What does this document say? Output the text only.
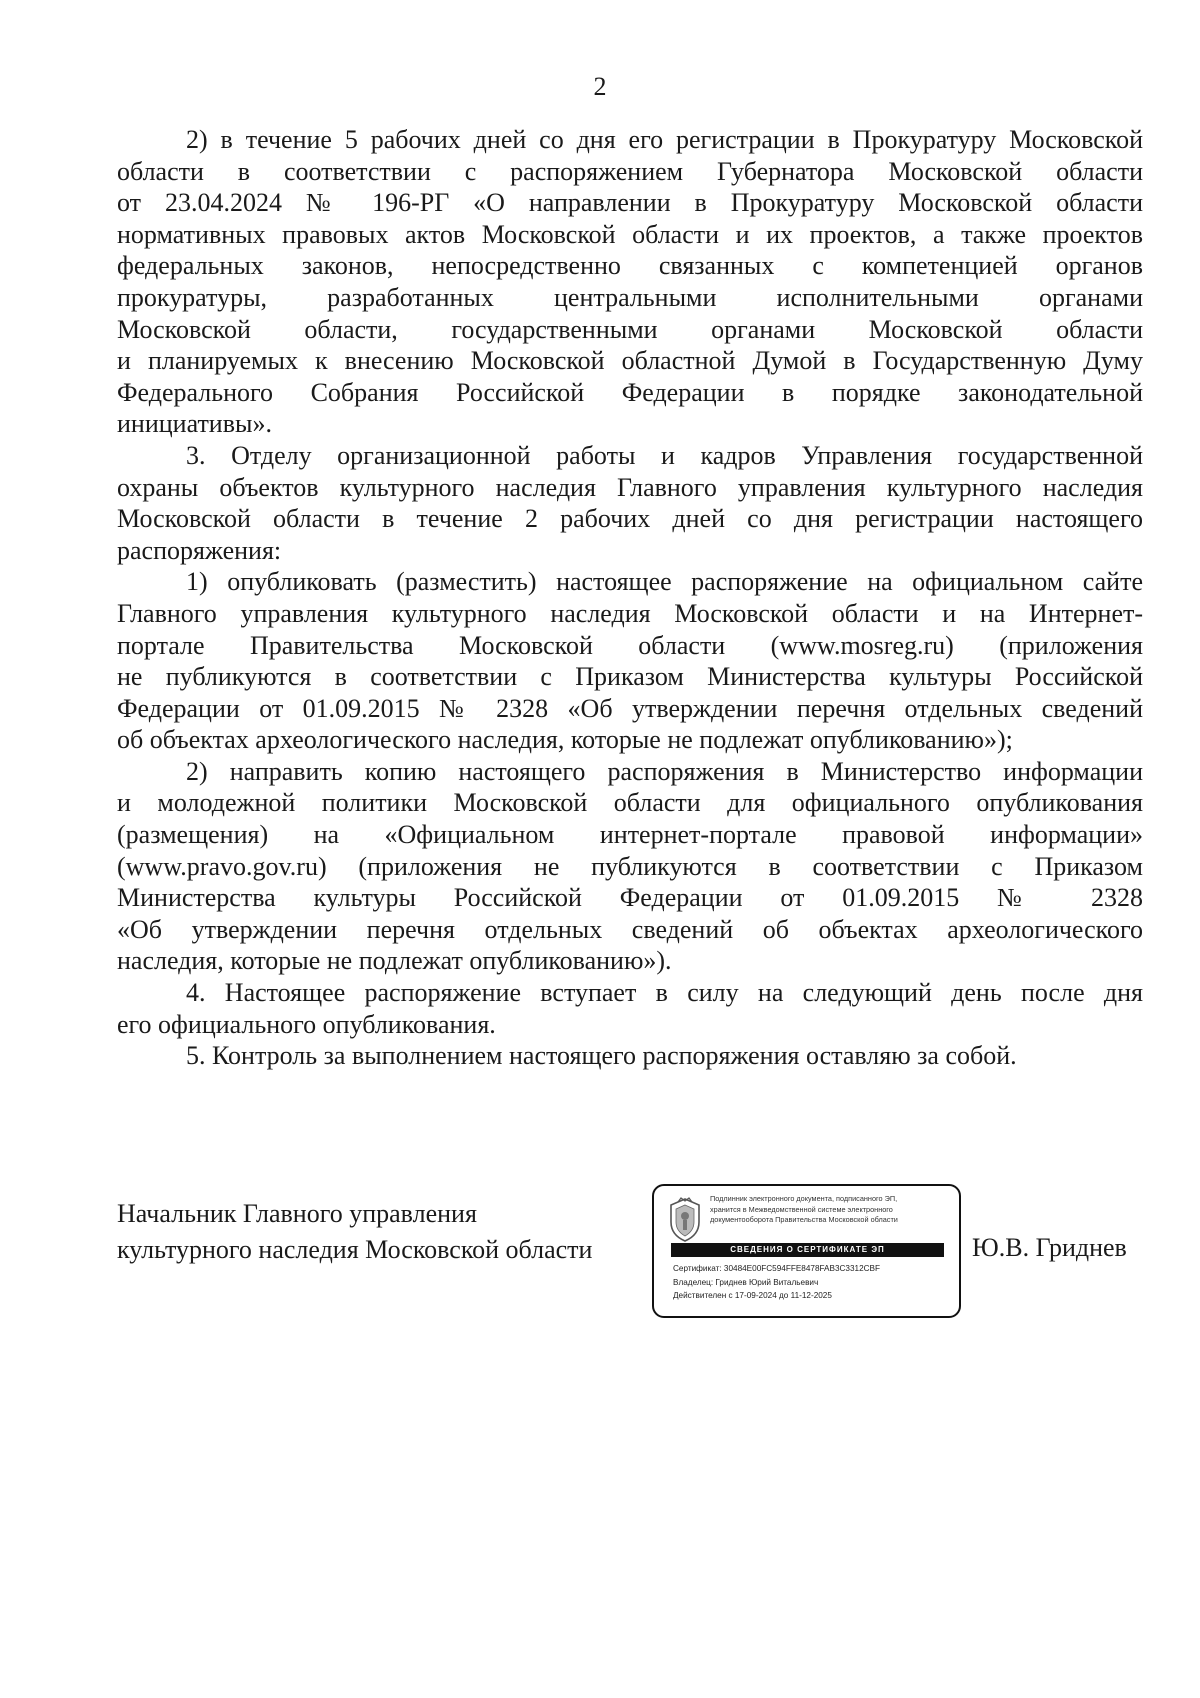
2
2) в течение 5 рабочих дней со дня его регистрации в Прокуратуру Московской
области в соответствии с распоряжением Губернатора Московской области
от 23.04.2024 № 196-РГ «О направлении в Прокуратуру Московской области
нормативных правовых актов Московской области и их проектов, а также проектов
федеральных законов, непосредственно связанных с компетенцией органов
прокуратуры, разработанных центральными исполнительными органами
Московской области, государственными органами Московской области
и планируемых к внесению Московской областной Думой в Государственную Думу
Федерального Собрания Российской Федерации в порядке законодательной
инициативы».
3. Отделу организационной работы и кадров Управления государственной
охраны объектов культурного наследия Главного управления культурного наследия
Московской области в течение 2 рабочих дней со дня регистрации настоящего
распоряжения:
1) опубликовать (разместить) настоящее распоряжение на официальном сайте
Главного управления культурного наследия Московской области и на Интернет-
портале Правительства Московской области (www.mosreg.ru) (приложения
не публикуются в соответствии с Приказом Министерства культуры Российской
Федерации от 01.09.2015 № 2328 «Об утверждении перечня отдельных сведений
об объектах археологического наследия, которые не подлежат опубликованию»);
2) направить копию настоящего распоряжения в Министерство информации
и молодежной политики Московской области для официального опубликования
(размещения) на «Официальном интернет-портале правовой информации»
(www.pravo.gov.ru) (приложения не публикуются в соответствии с Приказом
Министерства культуры Российской Федерации от 01.09.2015 № 2328
«Об утверждении перечня отдельных сведений об объектах археологического
наследия, которые не подлежат опубликованию»).
4. Настоящее распоряжение вступает в силу на следующий день после дня
его официального опубликования.
5. Контроль за выполнением настоящего распоряжения оставляю за собой.
Начальник Главного управления
культурного наследия Московской области
Подлинник электронного документа, подписанного ЭП,
хранится в Межведомственной системе электронного
документооборота Правительства Московской области
СВЕДЕНИЯ О СЕРТИФИКАТЕ ЭП
Сертификат: 30484E00FC594FFE8478FAB3C3312CBF
Владелец: Гриднев Юрий Витальевич
Действителен с 17-09-2024 до 11-12-2025
Ю.В. Гриднев
